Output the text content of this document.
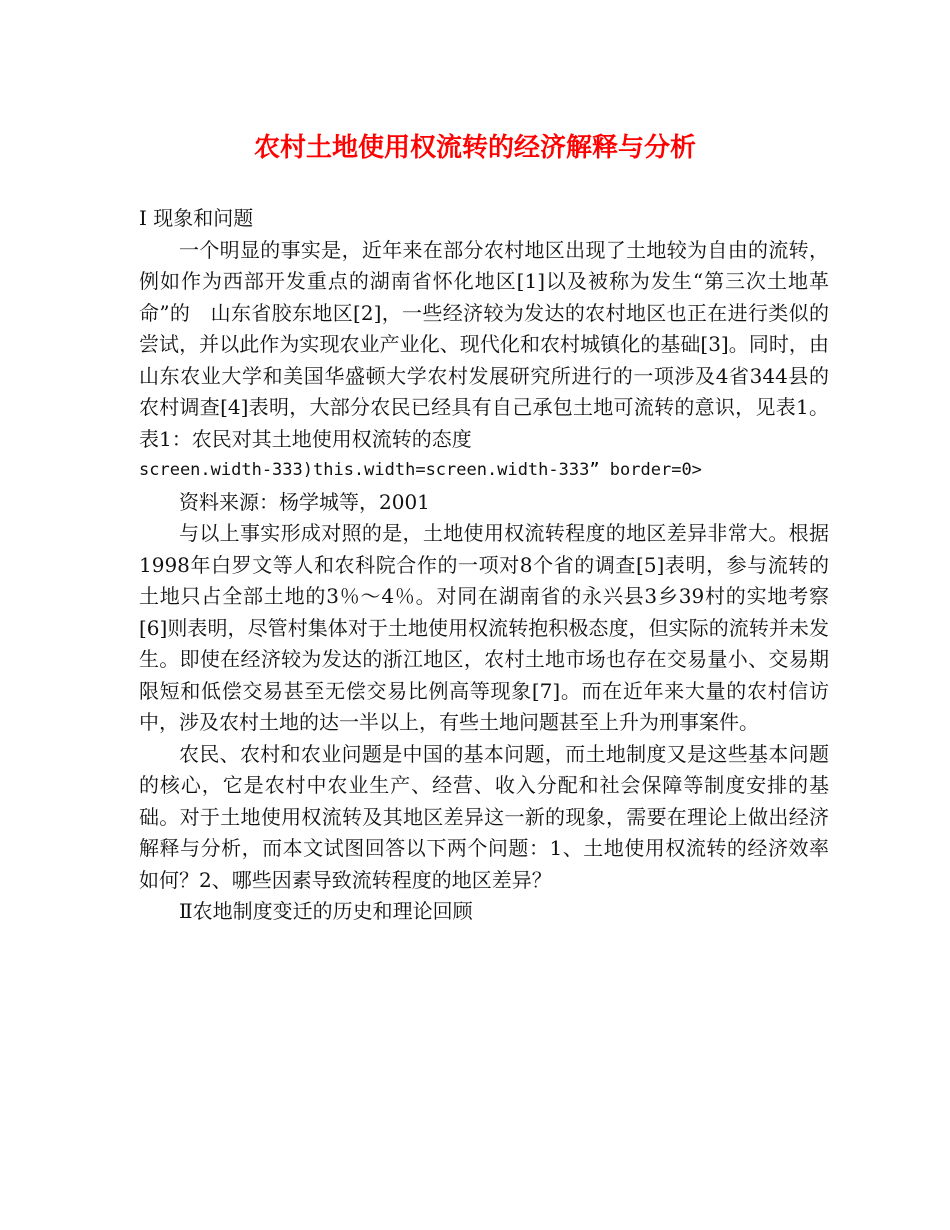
农村土地使用权流转的经济解释与分析

Ⅰ 现象和问题

一个明显的事实是，近年来在部分农村地区出现了土地较为自由的流转，例如作为西部开发重点的湖南省怀化地区[1]以及被称为发生“第三次土地革命”的　山东省胶东地区[2]，一些经济较为发达的农村地区也正在进行类似的尝试，并以此作为实现农业产业化、现代化和农村城镇化的基础[3]。同时，由山东农业大学和美国华盛顿大学农村发展研究所进行的一项涉及4省344县的农村调查[4]表明，大部分农民已经具有自己承包土地可流转的意识，见表1。表1：农民对其土地使用权流转的态度

screen.width-333)this.width=screen.width-333” border=0>

资料来源：杨学城等，2001

与以上事实形成对照的是，土地使用权流转程度的地区差异非常大。根据1998年白罗文等人和农科院合作的一项对8个省的调查[5]表明，参与流转的土地只占全部土地的3％～4％。对同在湖南省的永兴县3乡39村的实地考察[6]则表明，尽管村集体对于土地使用权流转抱积极态度，但实际的流转并未发生。即使在经济较为发达的浙江地区，农村土地市场也存在交易量小、交易期限短和低偿交易甚至无偿交易比例高等现象[7]。而在近年来大量的农村信访中，涉及农村土地的达一半以上，有些土地问题甚至上升为刑事案件。

农民、农村和农业问题是中国的基本问题，而土地制度又是这些基本问题的核心，它是农村中农业生产、经营、收入分配和社会保障等制度安排的基础。对于土地使用权流转及其地区差异这一新的现象，需要在理论上做出经济解释与分析，而本文试图回答以下两个问题：1、土地使用权流转的经济效率如何？2、哪些因素导致流转程度的地区差异？

Ⅱ农地制度变迁的历史和理论回顾
